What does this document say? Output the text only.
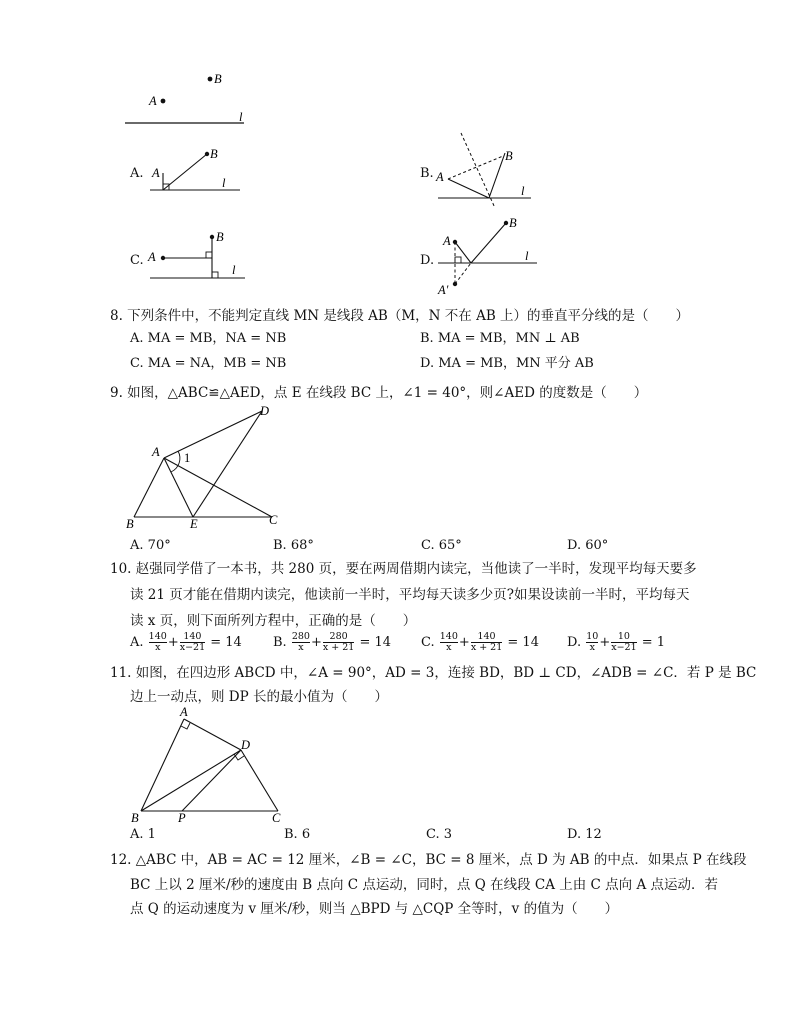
B
A
l
A. A
B
l
B. A
B
l
C. A
B
l
D.
A
B
A′
l
8. 下列条件中，不能判定直线 MN 是线段 AB（M，N 不在 AB 上）的垂直平分线的是（　　）
A. MA = MB，NA = NB	B. MA = MB，MN ⊥ AB
C. MA = NA，MB = NB	D. MA = MB，MN 平分 AB
9. 如图，△ABC≌△AED，点 E 在线段 BC 上，∠1 = 40°，则∠AED 的度数是（　　）
A
D
1
B	E	C
A. 70°	B. 68°	C. 65°	D. 60°
10. 赵强同学借了一本书，共 280 页，要在两周借期内读完，当他读了一半时，发现平均每天要多
读 21 页才能在借期内读完，他读前一半时，平均每天读多少页?如果设读前一半时，平均每天
读 x 页，则下面所列方程中，正确的是（　　）
A. $\frac{140}{x} + \frac{140}{x-21} = 14$ B. $\frac{280}{x} + \frac{280}{x + 21} = 14$ C. $\frac{140}{x} + \frac{140}{x + 21} = 14$ D. $\frac{10}{x} + \frac{10}{x-21} = 1$
11. 如图，在四边形 ABCD 中，∠A = 90°，AD = 3，连接 BD，BD ⊥ CD，∠ADB = ∠C．若 P 是 BC
边上一动点，则 DP 长的最小值为（　　）
A
D
B	P	C
A. 1	B. 6	C. 3	D. 12
12. △ABC 中，AB = AC = 12 厘米，∠B = ∠C，BC = 8 厘米，点 D 为 AB 的中点．如果点 P 在线段
BC 上以 2 厘米/秒的速度由 B 点向 C 点运动，同时，点 Q 在线段 CA 上由 C 点向 A 点运动．若
点 Q 的运动速度为 v 厘米/秒，则当 △BPD 与 △CQP 全等时，v 的值为（　　）
